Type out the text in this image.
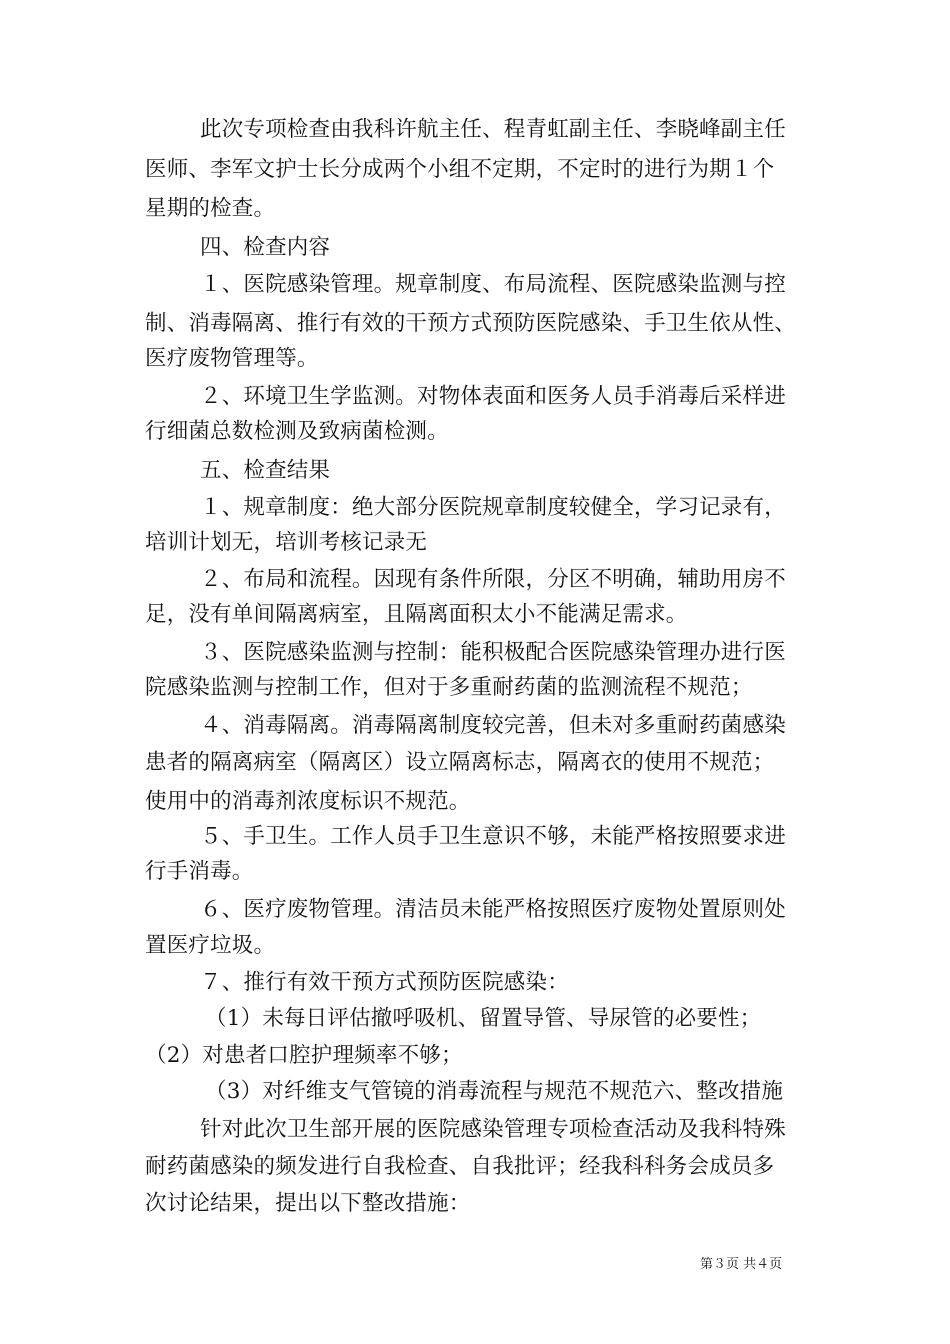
此次专项检查由我科许航主任、程青虹副主任、李晓峰副主任
医师、李军文护士长分成两个小组不定期，不定时的进行为期１个
星期的检查。
四、检查内容
１、医院感染管理。规章制度、布局流程、医院感染监测与控
制、消毒隔离、推行有效的干预方式预防医院感染、手卫生依从性、
医疗废物管理等。
２、环境卫生学监测。对物体表面和医务人员手消毒后采样进
行细菌总数检测及致病菌检测。
五、检查结果
１、规章制度：绝大部分医院规章制度较健全，学习记录有，
培训计划无，培训考核记录无
２、布局和流程。因现有条件所限，分区不明确，辅助用房不
足，没有单间隔离病室，且隔离面积太小不能满足需求。
３、医院感染监测与控制：能积极配合医院感染管理办进行医
院感染监测与控制工作，但对于多重耐药菌的监测流程不规范；
４、消毒隔离。消毒隔离制度较完善，但未对多重耐药菌感染
患者的隔离病室（隔离区）设立隔离标志，隔离衣的使用不规范；
使用中的消毒剂浓度标识不规范。
５、手卫生。工作人员手卫生意识不够，未能严格按照要求进
行手消毒。
６、医疗废物管理。清洁员未能严格按照医疗废物处置原则处
置医疗垃圾。
７、推行有效干预方式预防医院感染：
（1）未每日评估撤呼吸机、留置导管、导尿管的必要性；
（2）对患者口腔护理频率不够；
（3）对纤维支气管镜的消毒流程与规范不规范六、整改措施
针对此次卫生部开展的医院感染管理专项检查活动及我科特殊
耐药菌感染的频发进行自我检查、自我批评；经我科科务会成员多
次讨论结果，提出以下整改措施：
第３页 共４页
